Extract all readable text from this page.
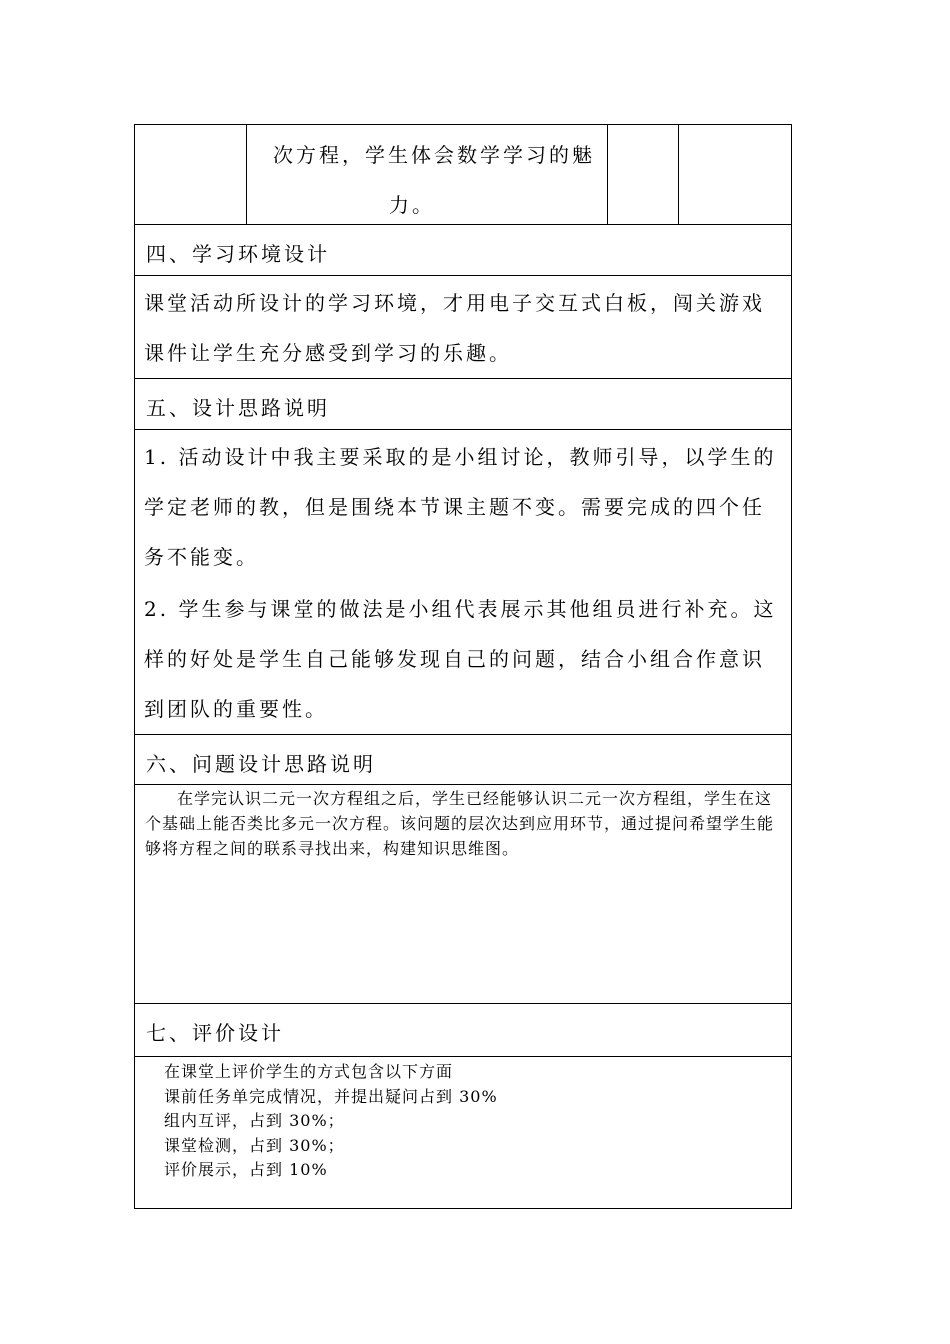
次方程，学生体会数学学习的魅
力。

四、学习环境设计

课堂活动所设计的学习环境，才用电子交互式白板，闯关游戏课件让学生充分感受到学习的乐趣。

五、设计思路说明

1. 活动设计中我主要采取的是小组讨论，教师引导，以学生的学定老师的教，但是围绕本节课主题不变。需要完成的四个任务不能变。
2. 学生参与课堂的做法是小组代表展示其他组员进行补充。这样的好处是学生自己能够发现自己的问题，结合小组合作意识到团队的重要性。

六、问题设计思路说明

在学完认识二元一次方程组之后，学生已经能够认识二元一次方程组，学生在这个基础上能否类比多元一次方程。该问题的层次达到应用环节，通过提问希望学生能够将方程之间的联系寻找出来，构建知识思维图。

七、评价设计

在课堂上评价学生的方式包含以下方面
课前任务单完成情况，并提出疑问占到 30%
组内互评，占到 30%；
课堂检测，占到 30%；
评价展示，占到 10%
